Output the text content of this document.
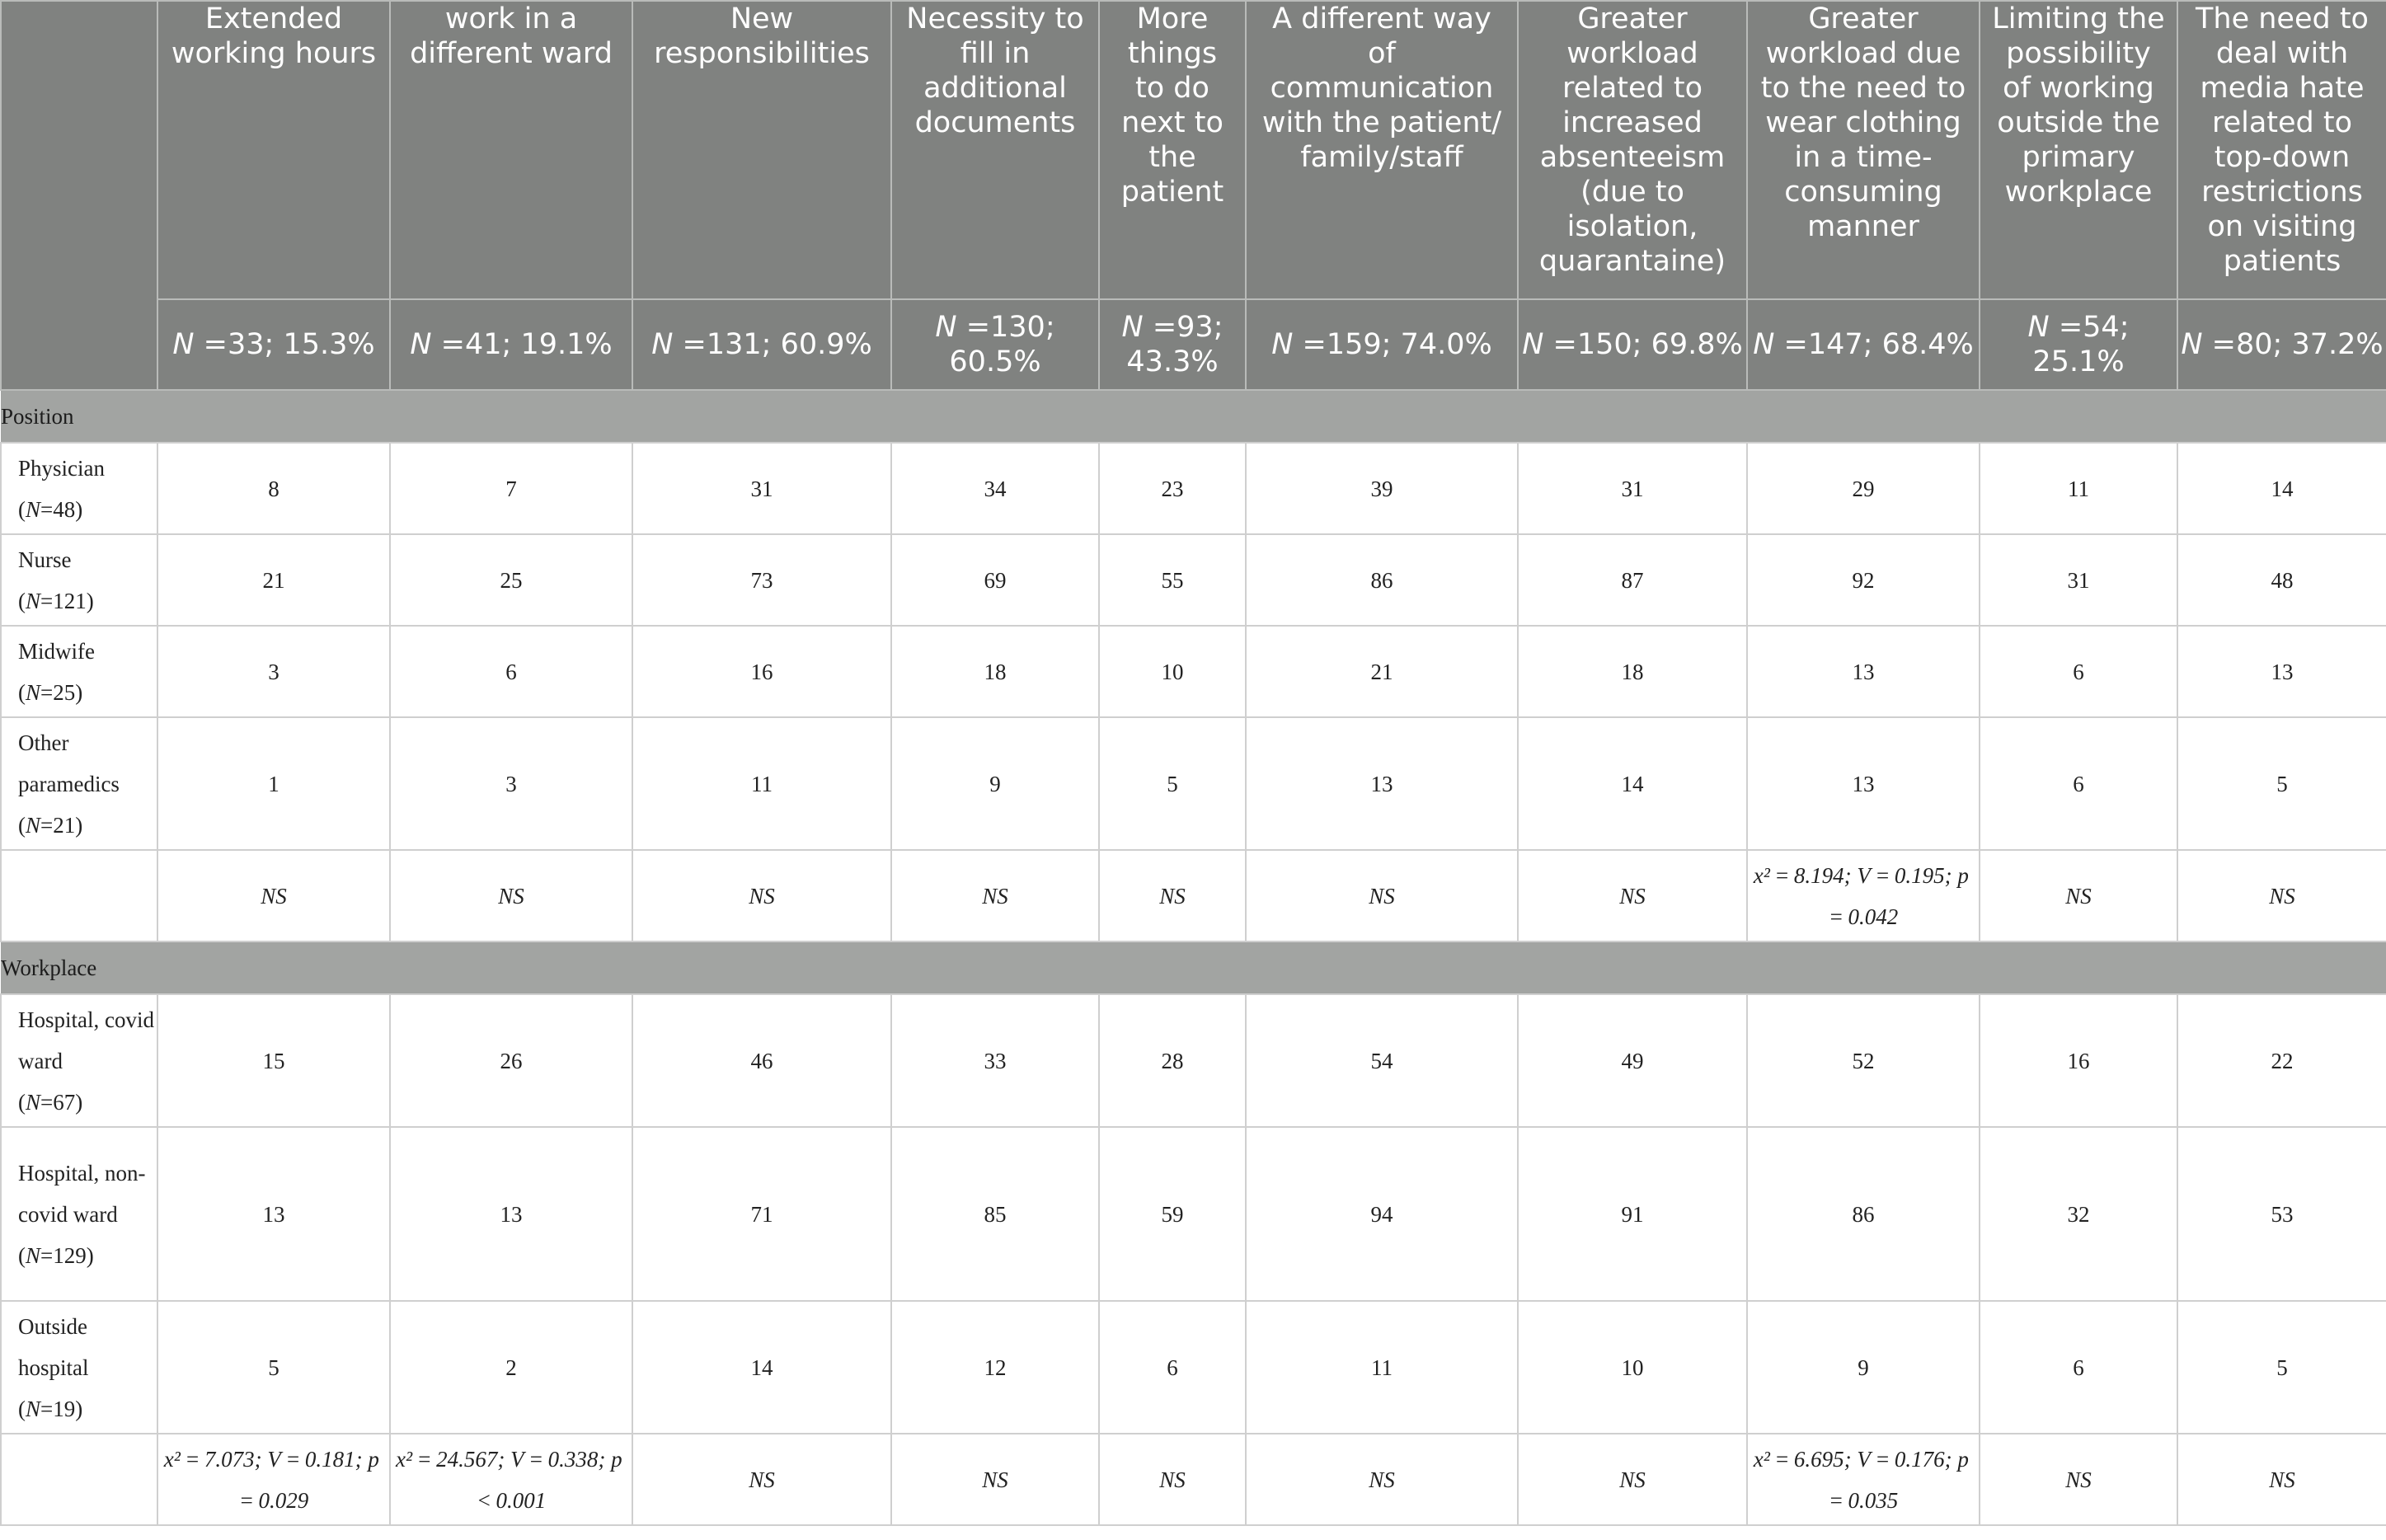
	Extended working hours	work in a different ward	New responsibilities	Necessity to fill in additional documents	More things to do next to the patient	A different way of communication with the patient/ family/staff	Greater workload related to increased absenteeism (due to isolation, quarantaine)	Greater workload due to the need to wear clothing in a time-consuming manner	Limiting the possibility of working outside the primary workplace	The need to deal with media hate related to top-down restrictions on visiting patients

	N =33; 15.3%	N =41; 19.1%	N =131; 60.9%	N =130; 60.5%	N =93; 43.3%	N =159; 74.0%	N =150; 69.8%	N =147; 68.4%	N =54; 25.1%	N =80; 37.2%
Position										
Physician
(N=48)	8	7	31	34	23	39	31	29	11	14
Nurse
(N=121)	21	25	73	69	55	86	87	92	31	48
Midwife
(N=25)	3	6	16	18	10	21	18	13	6	13
Other paramedics
(N=21)	1	3	11	9	5	13	14	13	6	5
	NS	NS	NS	NS	NS	NS	NS	x² = 8.194; V = 0.195; p = 0.042	NS	NS
Workplace										
Hospital, covid ward
(N=67)	15	26	46	33	28	54	49	52	16	22
Hospital, non-covid ward
(N=129)	13	13	71	85	59	94	91	86	32	53
Outside hospital
(N=19)	5	2	14	12	6	11	10	9	6	5
	x² = 7.073; V = 0.181; p = 0.029	x² = 24.567; V = 0.338; p < 0.001	NS	NS	NS	NS	NS	x² = 6.695; V = 0.176; p = 0.035	NS	NS
